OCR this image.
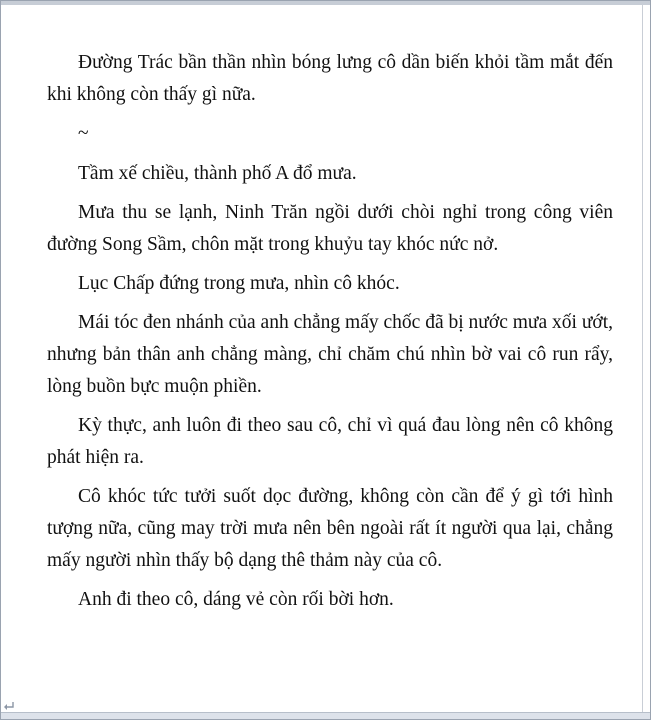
Đường Trác bần thần nhìn bóng lưng cô dần biến khỏi tầm mắt đến khi không còn thấy gì nữa.

~

Tầm xế chiều, thành phố A đổ mưa.

Mưa thu se lạnh, Ninh Trăn ngồi dưới chòi nghỉ trong công viên đường Song Sầm, chôn mặt trong khuỷu tay khóc nức nở.

Lục Chấp đứng trong mưa, nhìn cô khóc.

Mái tóc đen nhánh của anh chẳng mấy chốc đã bị nước mưa xối ướt, nhưng bản thân anh chẳng màng, chỉ chăm chú nhìn bờ vai cô run rẩy, lòng buồn bực muộn phiền.

Kỳ thực, anh luôn đi theo sau cô, chỉ vì quá đau lòng nên cô không phát hiện ra.

Cô khóc tức tưởi suốt dọc đường, không còn cần để ý gì tới hình tượng nữa, cũng may trời mưa nên bên ngoài rất ít người qua lại, chẳng mấy người nhìn thấy bộ dạng thê thảm này của cô.

Anh đi theo cô, dáng vẻ còn rối bời hơn.
